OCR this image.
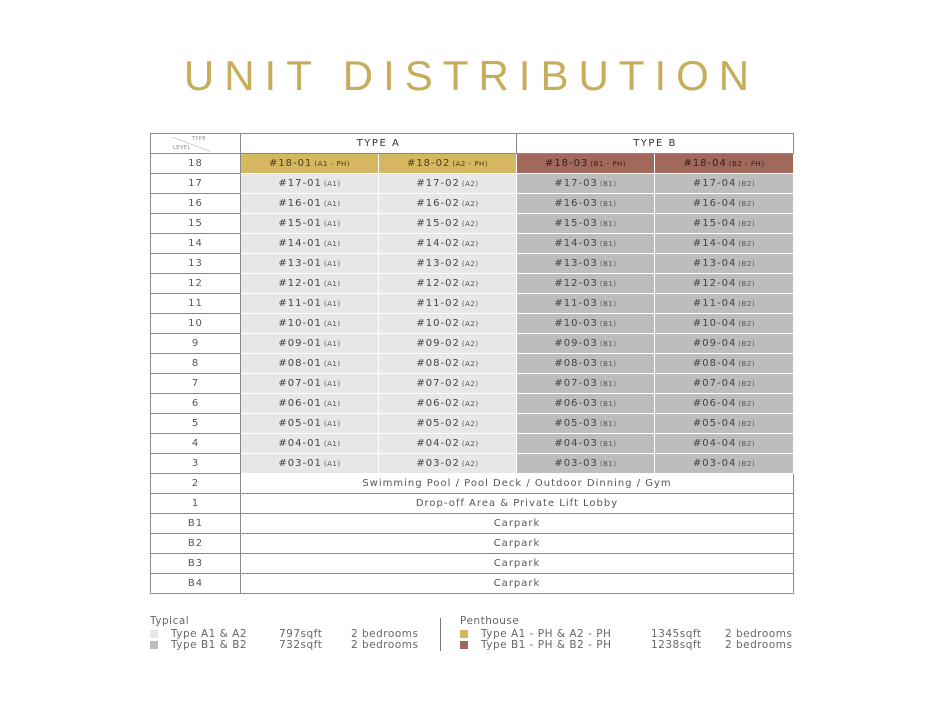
UNIT DISTRIBUTION
TYPE
LEVEL	TYPE A		TYPE B	
18	#18-01 (A1 - PH)	#18-02 (A2 - PH)	#18-03 (B1 - PH)	#18-04 (B2 - PH)
17	#17-01 (A1)	#17-02 (A2)	#17-03 (B1)	#17-04 (B2)
16	#16-01 (A1)	#16-02 (A2)	#16-03 (B1)	#16-04 (B2)
15	#15-01 (A1)	#15-02 (A2)	#15-03 (B1)	#15-04 (B2)
14	#14-01 (A1)	#14-02 (A2)	#14-03 (B1)	#14-04 (B2)
13	#13-01 (A1)	#13-02 (A2)	#13-03 (B1)	#13-04 (B2)
12	#12-01 (A1)	#12-02 (A2)	#12-03 (B1)	#12-04 (B2)
11	#11-01 (A1)	#11-02 (A2)	#11-03 (B1)	#11-04 (B2)
10	#10-01 (A1)	#10-02 (A2)	#10-03 (B1)	#10-04 (B2)
9	#09-01 (A1)	#09-02 (A2)	#09-03 (B1)	#09-04 (B2)
8	#08-01 (A1)	#08-02 (A2)	#08-03 (B1)	#08-04 (B2)
7	#07-01 (A1)	#07-02 (A2)	#07-03 (B1)	#07-04 (B2)
6	#06-01 (A1)	#06-02 (A2)	#06-03 (B1)	#06-04 (B2)
5	#05-01 (A1)	#05-02 (A2)	#05-03 (B1)	#05-04 (B2)
4	#04-01 (A1)	#04-02 (A2)	#04-03 (B1)	#04-04 (B2)
3	#03-01 (A1)	#03-02 (A2)	#03-03 (B1)	#03-04 (B2)
2	Swimming Pool / Pool Deck / Outdoor Dinning / Gym			
1	Drop-off Area & Private Lift Lobby			
B1	Carpark			
B2	Carpark			
B3	Carpark			
B4	Carpark			
Typical
Type A1 & A2	797sqft	2 bedrooms
Type B1 & B2	732sqft	2 bedrooms
Penthouse
Type A1 - PH & A2 - PH	1345sqft	2 bedrooms
Type B1 - PH & B2 - PH	1238sqft	2 bedrooms
